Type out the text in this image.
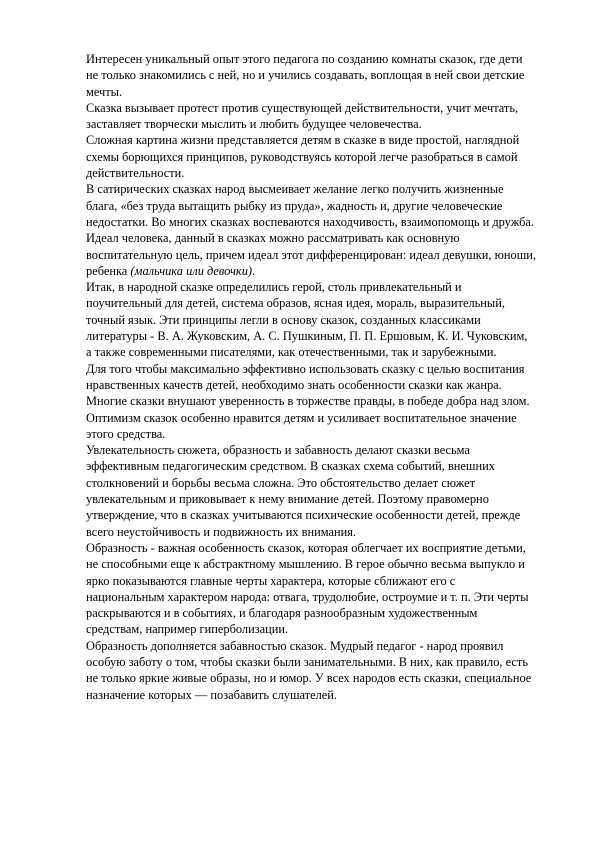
Интересен уникальный опыт этого педагога по созданию комнаты сказок, где дети не только знакомились с ней, но и учились создавать, воплощая в ней свои детские мечты.

Сказка вызывает протест против существующей действительности, учит мечтать, заставляет творчески мыслить и любить будущее человечества.

Сложная картина жизни представляется детям в сказке в виде простой, наглядной схемы борющихся принципов, руководствуясь которой легче разобраться в самой действительности.

В сатирических сказках народ высмеивает желание легко получить жизненные блага, «без труда вытащить рыбку из пруда», жадность и, другие человеческие недостатки. Во многих сказках воспеваются находчивость, взаимопомощь и дружба.

Идеал человека, данный в сказках можно рассматривать как основную воспитательную цель, причем идеал этот дифференцирован: идеал девушки, юноши, ребенка (мальчика или девочки).

Итак, в народной сказке определились герой, столь привлекательный и поучительный для детей, система образов, ясная идея, мораль, выразительный, точный язык. Эти принципы легли в основу сказок, созданных классиками литературы - В. А. Жуковским, А. С. Пушкиным, П. П. Ершовым, К. И. Чуковским, а также современными писателями, как отечественными, так и зарубежными.

Для того чтобы максимально эффективно использовать сказку с целью воспитания нравственных качеств детей, необходимо знать особенности сказки как жанра.

Многие сказки внушают уверенность в торжестве правды, в победе добра над злом. Оптимизм сказок особенно нравится детям и усиливает воспитательное значение этого средства.

Увлекательность сюжета, образность и забавность делают сказки весьма эффективным педагогическим средством. В сказках схема событий, внешних столкновений и борьбы весьма сложна. Это обстоятельство делает сюжет увлекательным и приковывает к нему внимание детей. Поэтому правомерно утверждение, что в сказках учитываются психические особенности детей, прежде всего неустойчивость и подвижность их внимания.

Образность - важная особенность сказок, которая облегчает их восприятие детьми, не способными еще к абстрактному мышлению. В герое обычно весьма выпукло и ярко показываются главные черты характера, которые сближают его с национальным характером народа: отвага, трудолюбие, остроумие и т. п. Эти черты раскрываются и в событиях, и благодаря разнообразным художественным средствам, например гиперболизации.

Образность дополняется забавностью сказок. Мудрый педагог - народ проявил особую заботу о том, чтобы сказки были занимательными. В них, как правило, есть не только яркие живые образы, но и юмор. У всех народов есть сказки, специальное назначение которых — позабавить слушателей.
